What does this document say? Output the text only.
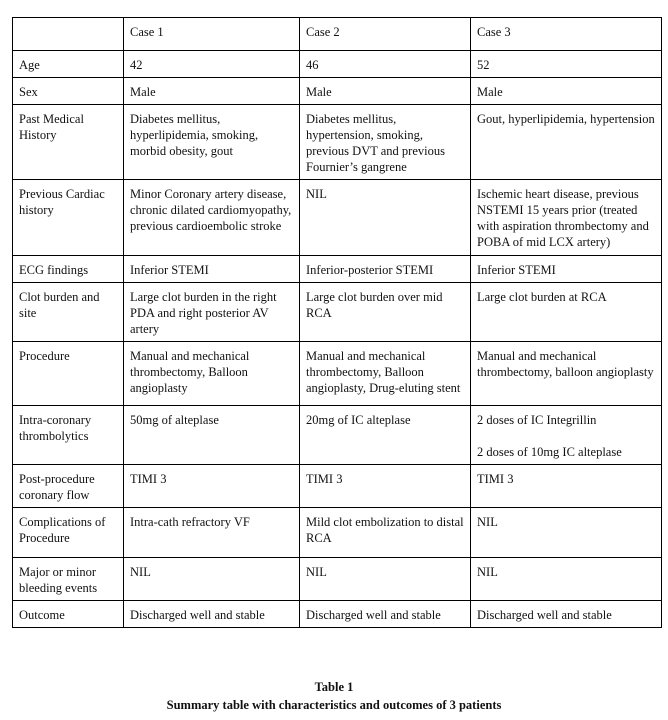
	Case 1	Case 2	Case 3
Age	42	46	52

Sex	Male	Male	Male

Past Medical History	Diabetes mellitus, hyperlipidemia, smoking, morbid obesity, gout	Diabetes mellitus, hypertension, smoking, previous DVT and previous Fournier’s gangrene	Gout, hyperlipidemia, hypertension

Previous Cardiac history	Minor Coronary artery disease, chronic dilated cardiomyopathy, previous cardioembolic stroke	NIL	Ischemic heart disease, previous NSTEMI 15 years prior (treated with aspiration thrombectomy and POBA of mid LCX artery)

ECG findings	Inferior STEMI	Inferior-posterior STEMI	Inferior STEMI

Clot burden and site	Large clot burden in the right PDA and right posterior AV artery	Large clot burden over mid RCA	Large clot burden at RCA

Procedure	Manual and mechanical thrombectomy, Balloon angioplasty	Manual and mechanical thrombectomy, Balloon angioplasty, Drug-eluting stent	Manual and mechanical thrombectomy, balloon angioplasty

Intra-coronary thrombolytics	50mg of alteplase	20mg of IC alteplase	2 doses of IC Integrillin
2 doses of 10mg IC alteplase

Post-procedure coronary flow	TIMI 3	TIMI 3	TIMI 3

Complications of Procedure	Intra-cath refractory VF	Mild clot embolization to distal RCA	NIL

Major or minor bleeding events	NIL	NIL	NIL

Outcome	Discharged well and stable	Discharged well and stable	Discharged well and stable
Table 1
Summary table with characteristics and outcomes of 3 patients
